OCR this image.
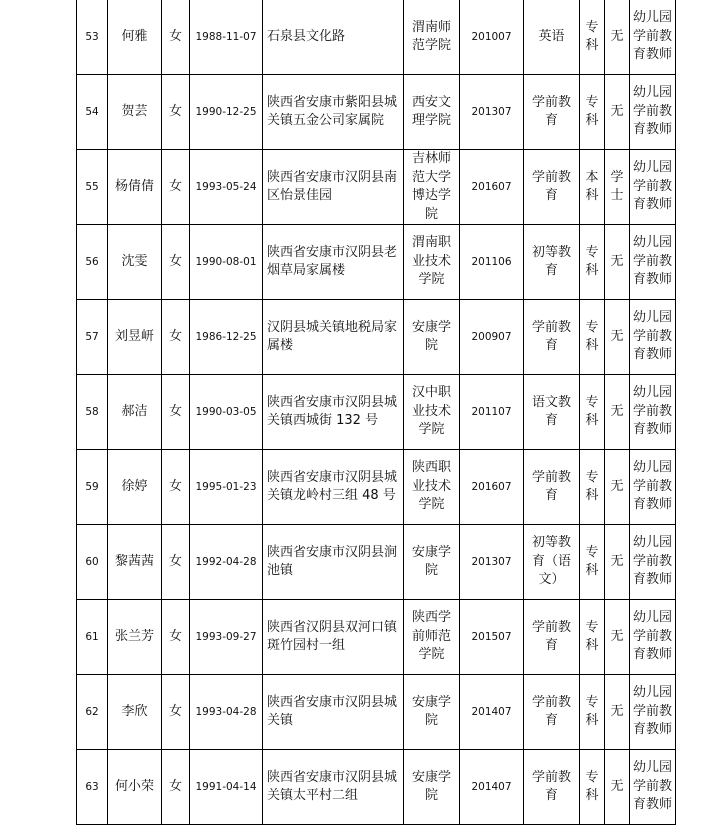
53	何雅	女	1988-11-07	石泉县文化路	渭南师范学院	201007	英语	专科	无	幼儿园学前教育教师
54	贺芸	女	1990-12-25	陕西省安康市紫阳县城关镇五金公司家属院	西安文理学院	201307	学前教育	专科	无	幼儿园学前教育教师
55	杨倩倩	女	1993-05-24	陕西省安康市汉阴县南区怡景佳园	吉林师范大学博达学院	201607	学前教育	本科	学士	幼儿园学前教育教师
56	沈雯	女	1990-08-01	陕西省安康市汉阴县老烟草局家属楼	渭南职业技术学院	201106	初等教育	专科	无	幼儿园学前教育教师
57	刘昱岍	女	1986-12-25	汉阴县城关镇地税局家属楼	安康学院	200907	学前教育	专科	无	幼儿园学前教育教师
58	郝洁	女	1990-03-05	陕西省安康市汉阴县城关镇西城街 132 号	汉中职业技术学院	201107	语文教育	专科	无	幼儿园学前教育教师
59	徐婷	女	1995-01-23	陕西省安康市汉阴县城关镇龙岭村三组 48 号	陕西职业技术学院	201607	学前教育	专科	无	幼儿园学前教育教师
60	黎茜茜	女	1992-04-28	陕西省安康市汉阴县涧池镇	安康学院	201307	初等教育（语文）	专科	无	幼儿园学前教育教师
61	张兰芳	女	1993-09-27	陕西省汉阴县双河口镇斑竹园村一组	陕西学前师范学院	201507	学前教育	专科	无	幼儿园学前教育教师
62	李欣	女	1993-04-28	陕西省安康市汉阴县城关镇	安康学院	201407	学前教育	专科	无	幼儿园学前教育教师
63	何小荣	女	1991-04-14	陕西省安康市汉阴县城关镇太平村二组	安康学院	201407	学前教育	专科	无	幼儿园学前教育教师
